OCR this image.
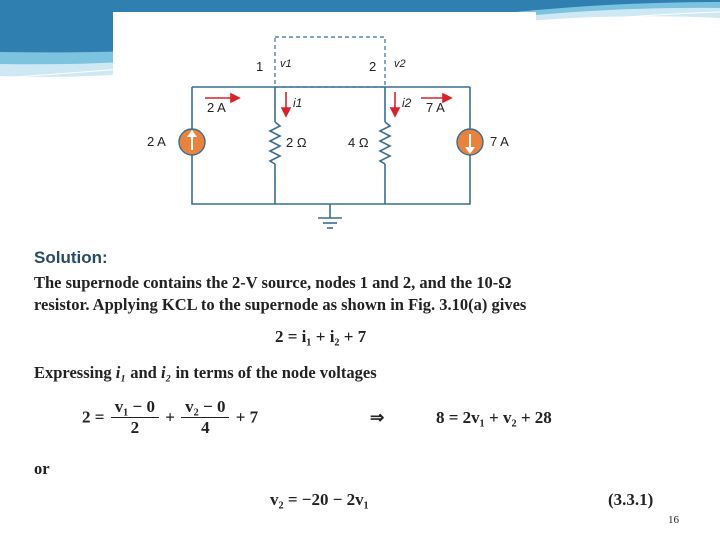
1 v1	2 v2
2 A
2 A
i1	i2
2 Ω	4 Ω
7 A
7 A
Solution:
The supernode contains the 2-V source, nodes 1 and 2, and the 10-Ω
resistor. Applying KCL to the supernode as shown in Fig. 3.10(a) gives
2 = i₁ + i₂ + 7
Expressing i₁ and i₂ in terms of the node voltages
$2 = \frac{\text{v₁ − 0}}{2} + \frac{\text{v₂ − 0}}{4} + 7$	⇒	8 = 2v₁ + v₂ + 28
or
v₂ = −20 − 2v₁	(3.3.1)
16
